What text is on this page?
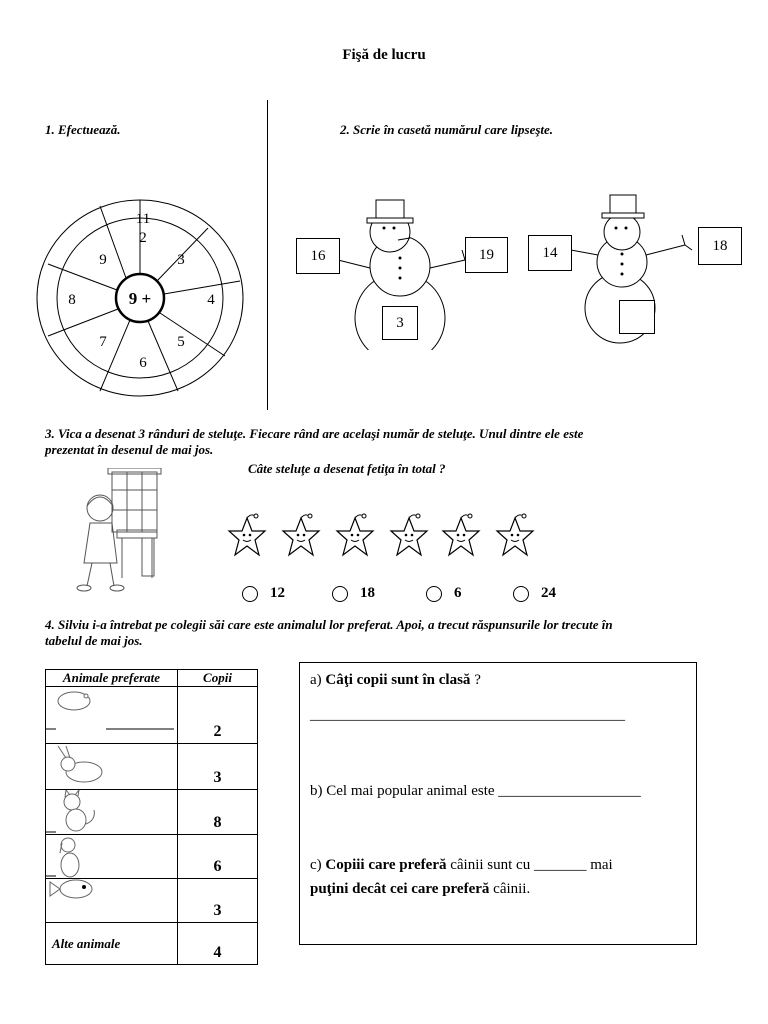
Fişă de lucru
1. Efectuează.
9 +
11
2
3
4
5
6
7
8
9
2. Scrie în casetă numărul care lipseşte.
16	19
3
14	18
3. Vica a desenat 3 rânduri de steluţe. Fiecare rând are acelaşi număr de steluţe. Unul dintre ele este
prezentat în desenul de mai jos.
Câte steluţe a desenat fetiţa în total ?
12	18	6	24
4. Silviu i-a întrebat pe colegii săi care este animalul lor preferat. Apoi, a trecut răspunsurile lor trecute în
tabelul de mai jos.
Animale preferate	Copii

	2

	3

	8

	6

	3
Alte animale	4
a) Câţi copii sunt în clasă ?
__________________________________________
b) Cel mai popular animal este ___________________
c) Copiii care preferă câinii sunt cu _______ mai
puţini decât cei care preferă câinii.
